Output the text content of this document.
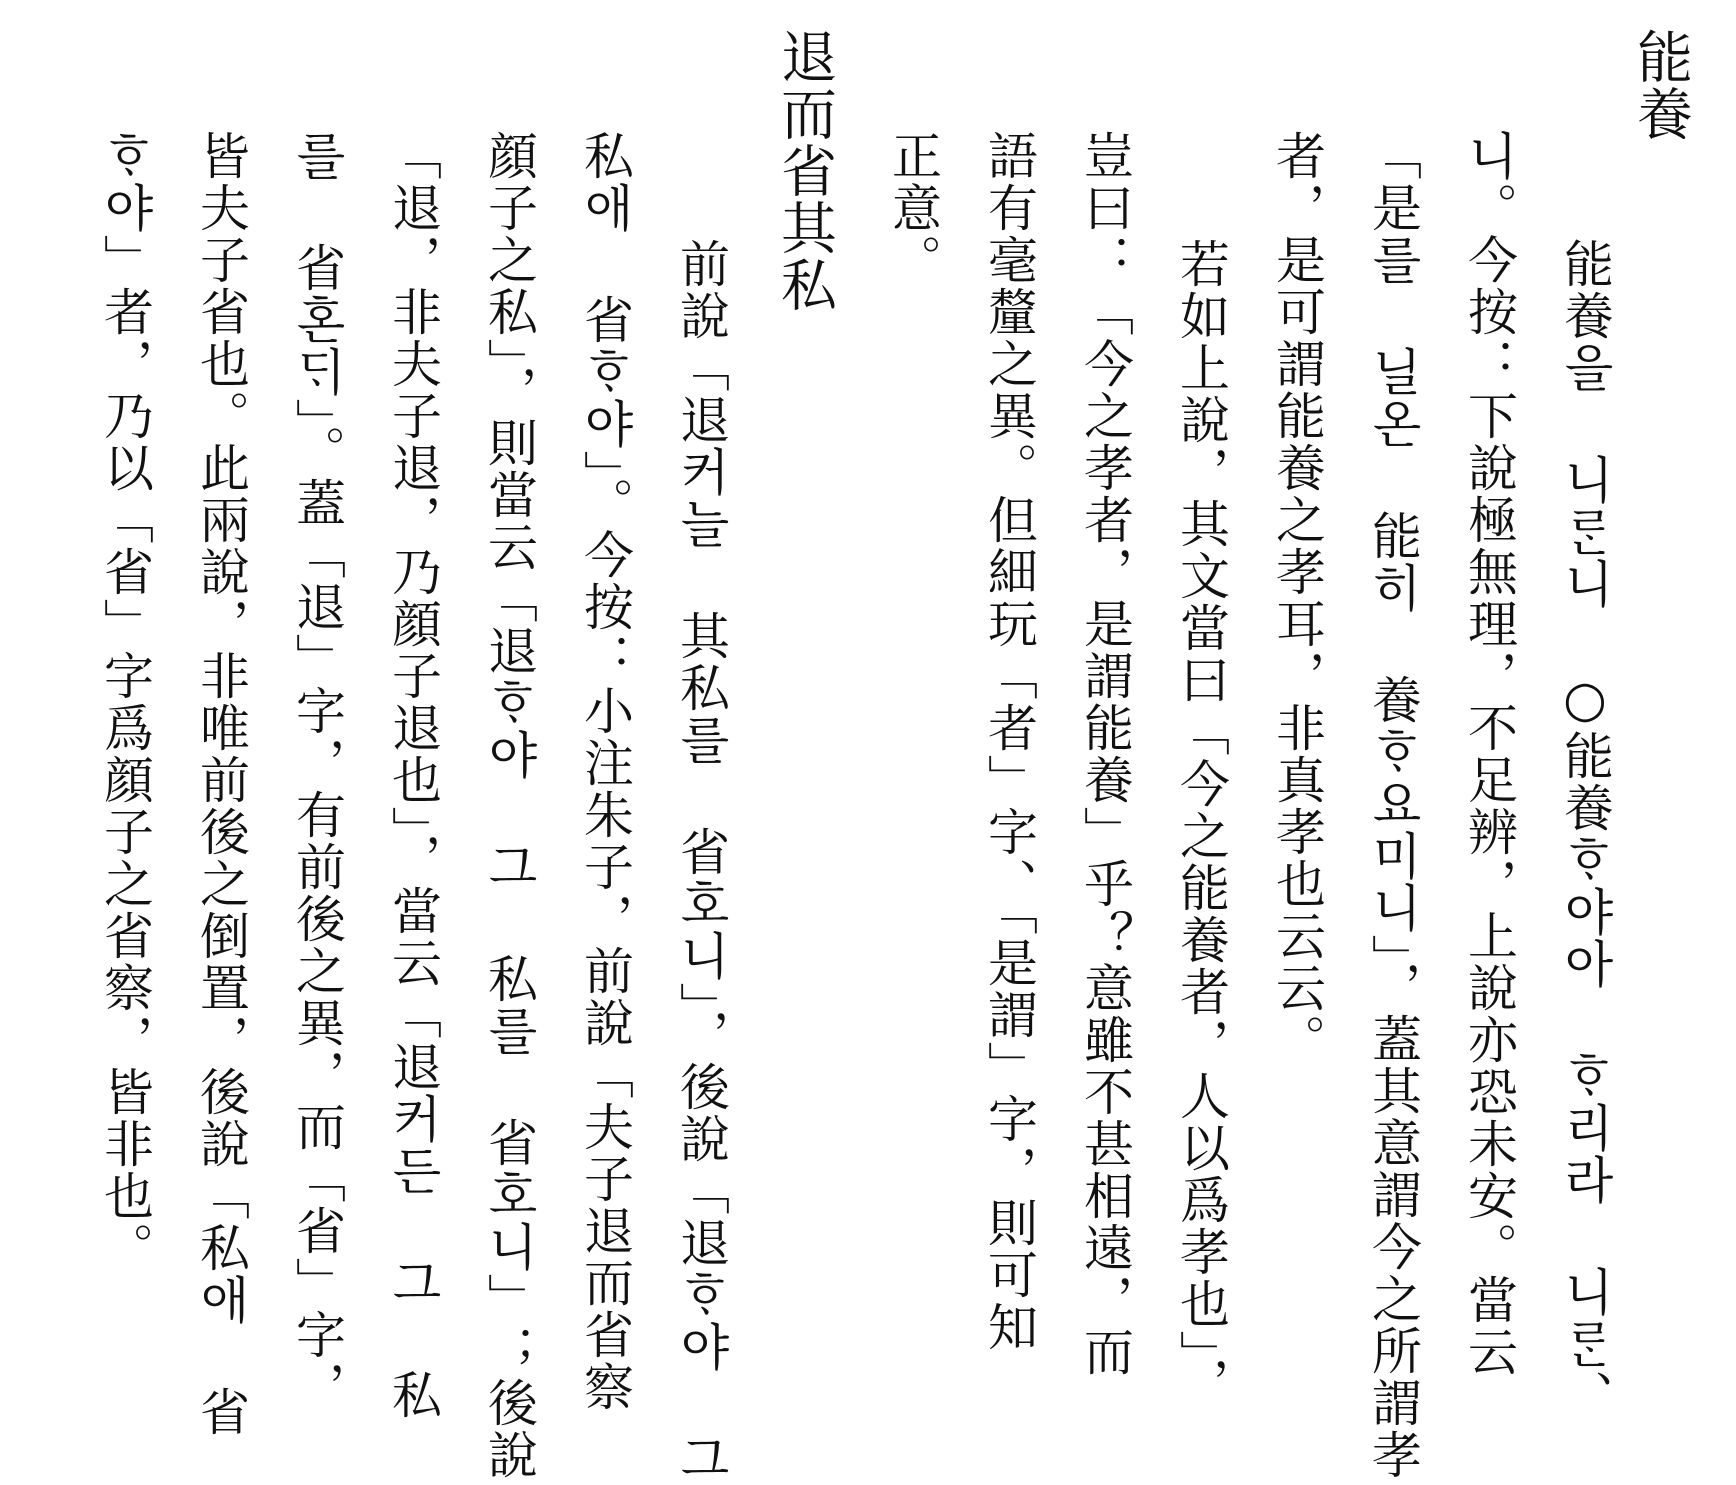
能養
能養을 니ᄅᆞᆫ니 ○能養ᄒᆞ야아 ᄒᆞ리라 니ᄅᆞᆫ、
니。今按：下說極無理，不足辨，上說亦恐未安。當云
「是를 닐온 能히 養ᄒᆞ요미니」，蓋其意謂今之所謂孝
者，是可謂能養之孝耳，非真孝也云云。
若如上說，其文當曰「今之能養者，人以爲孝也」，
豈曰：「今之孝者，是謂能養」乎？意雖不甚相遠，而
語有毫釐之異。但細玩「者」字、「是謂」字，則可知
正意。
退而省其私
前說「退커늘 其私를 省호니」，後說「退ᄒᆞ야 그
私애 省ᄒᆞ야」。今按：小注朱子，前說「夫子退而省察
顔子之私」，則當云「退ᄒᆞ야 그 私를 省호니」；後說
「退，非夫子退，乃顔子退也」，當云「退커든 그 私
를 省혼ᄃᆡ」。蓋「退」字，有前後之異，而「省」字，
皆夫子省也。此兩說，非唯前後之倒置，後說「私애 省
ᄒᆞ야」者，乃以「省」字爲顔子之省察，皆非也。
